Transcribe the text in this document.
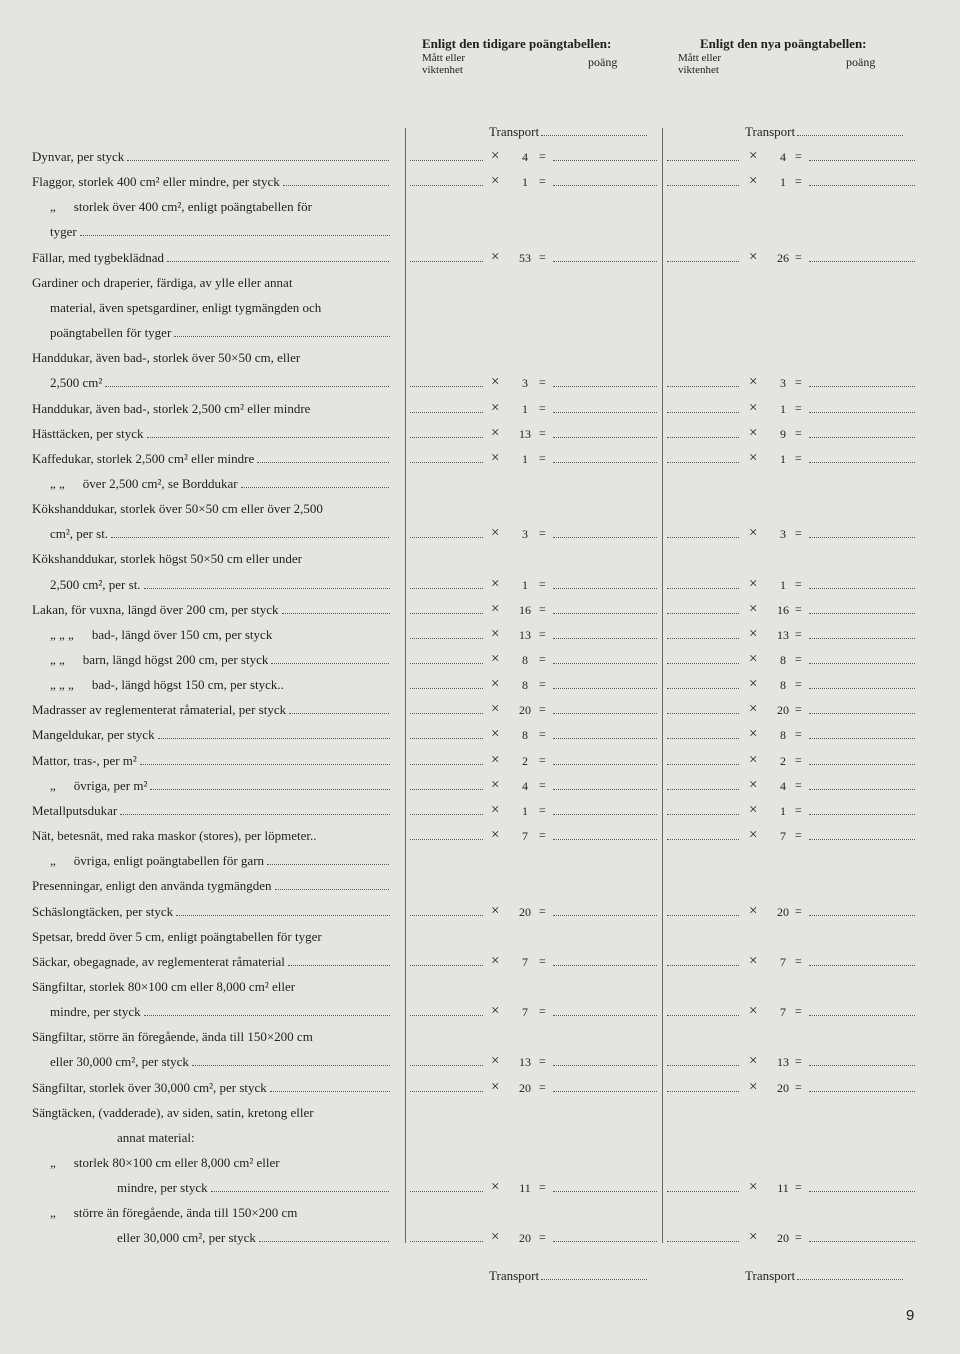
Enligt den tidigare poängtabellen:
Mått eller
viktenhet
poäng
Enligt den nya poängtabellen:
Mått eller
viktenhet
poäng
Transport	Transport
Dynvar, per styck	×	4 =	×	4 =
Flaggor, storlek 400 cm² eller mindre, per styck	×	1 =	×	1 =
„ storlek över 400 cm², enligt poängtabellen för
tyger
Fällar, med tygbeklädnad	×	53 =	×	26 =
Gardiner och draperier, färdiga, av ylle eller annat
material, även spetsgardiner, enligt tygmängden och
poängtabellen för tyger
Handdukar, även bad-, storlek över 50×50 cm, eller
2,500 cm²	×	3 =	×	3 =
Handdukar, även bad-, storlek 2,500 cm² eller mindre	×	1 =	×	1 =
Hästtäcken, per styck	×	13 =	×	9 =
Kaffedukar, storlek 2,500 cm² eller mindre	×	1 =	×	1 =
„ „ över 2,500 cm², se Borddukar
Kökshanddukar, storlek över 50×50 cm eller över 2,500
cm², per st.	×	3 =	×	3 =
Kökshanddukar, storlek högst 50×50 cm eller under
2,500 cm², per st.	×	1 =	×	1 =
Lakan, för vuxna, längd över 200 cm, per styck	×	16 =	×	16 =
„ „ „ bad-, längd över 150 cm, per styck	×	13 =	×	13 =
„ „ barn, längd högst 200 cm, per styck	×	8 =	×	8 =
„ „ „ bad-, längd högst 150 cm, per styck..	×	8 =	×	8 =
Madrasser av reglementerat råmaterial, per styck	×	20 =	×	20 =
Mangeldukar, per styck	×	8 =	×	8 =
Mattor, tras-, per m²	×	2 =	×	2 =
„ övriga, per m²	×	4 =	×	4 =
Metallputsdukar	×	1 =	×	1 =
Nät, betesnät, med raka maskor (stores), per löpmeter..	×	7 =	×	7 =
„ övriga, enligt poängtabellen för garn
Presenningar, enligt den använda tygmängden
Schäslongtäcken, per styck	×	20 =	×	20 =
Spetsar, bredd över 5 cm, enligt poängtabellen för tyger
Säckar, obegagnade, av reglementerat råmaterial	×	7 =	×	7 =
Sängfiltar, storlek 80×100 cm eller 8,000 cm² eller
mindre, per styck	×	7 =	×	7 =
Sängfiltar, större än föregående, ända till 150×200 cm
eller 30,000 cm², per styck	×	13 =	×	13 =
Sängfiltar, storlek över 30,000 cm², per styck	×	20 =	×	20 =
Sängtäcken, (vadderade), av siden, satin, kretong eller
annat material:
„ storlek 80×100 cm eller 8,000 cm² eller
mindre, per styck	×	11 =	×	11 =
„ större än föregående, ända till 150×200 cm
eller 30,000 cm², per styck	×	20 =	×	20 =
Transport	Transport
9
